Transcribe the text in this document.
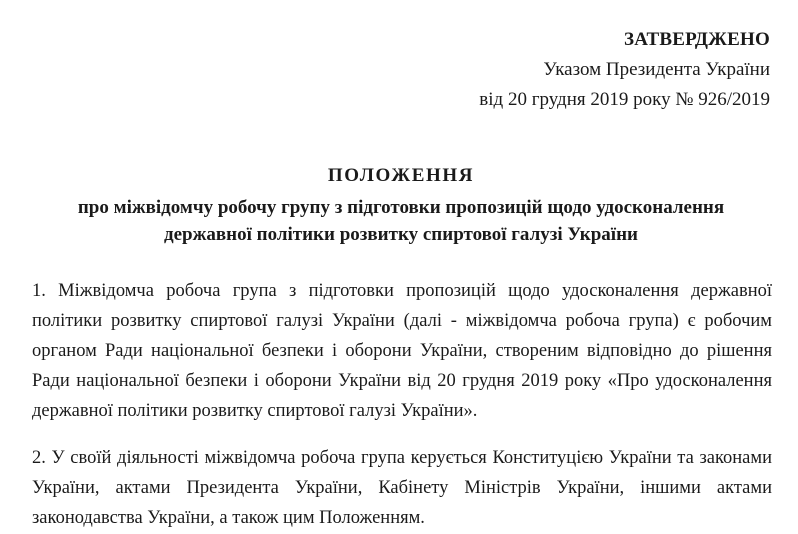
ЗАТВЕРДЖЕНО
Указом Президента України
від 20 грудня 2019 року № 926/2019
ПОЛОЖЕННЯ
про міжвідомчу робочу групу з підготовки пропозицій щодо удосконалення державної політики розвитку спиртової галузі України

1. Міжвідомча робоча група з підготовки пропозицій щодо удосконалення державної політики розвитку спиртової галузі України (далі - міжвідомча робоча група) є робочим органом Ради національної безпеки і оборони України, створеним відповідно до рішення Ради національної безпеки і оборони України від 20 грудня 2019 року «Про удосконалення державної політики розвитку спиртової галузі України».

2. У своїй діяльності міжвідомча робоча група керується Конституцією України та законами України, актами Президента України, Кабінету Міністрів України, іншими актами законодавства України, а також цим Положенням.
